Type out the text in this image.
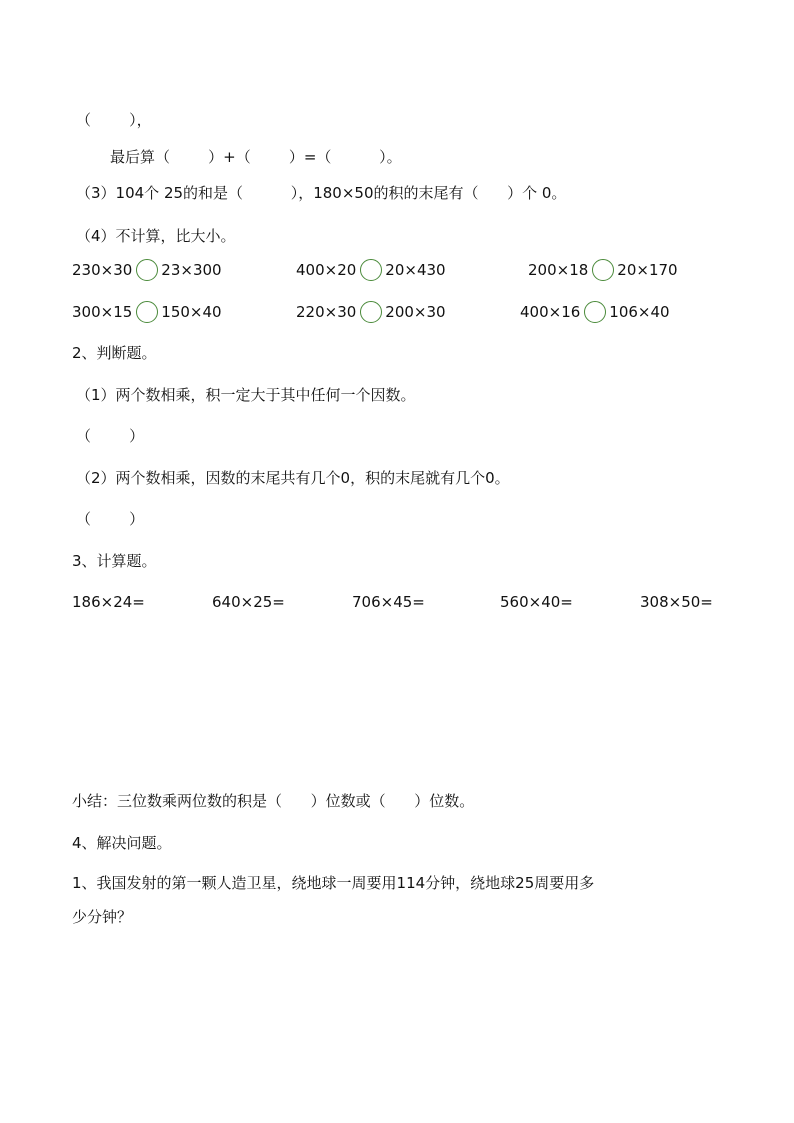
（        ），
最后算（        ）+（        ）=（          ）。
（3）104个 25的和是（          ），180×50的积的末尾有（      ）个 0。
（4）不计算，比大小。
230×30 23×300	400×20 20×430	200×18 20×170
300×15 150×40	220×30 200×30	400×16 106×40
2、判断题。
（1）两个数相乘，积一定大于其中任何一个因数。
（        ）
（2）两个数相乘，因数的末尾共有几个0，积的末尾就有几个0。
（        ）
3、计算题。
186×24=	640×25=	706×45=	560×40=	308×50=
小结：三位数乘两位数的积是（      ）位数或（      ）位数。
4、解决问题。
1、我国发射的第一颗人造卫星，绕地球一周要用114分钟，绕地球25周要用多
少分钟？
